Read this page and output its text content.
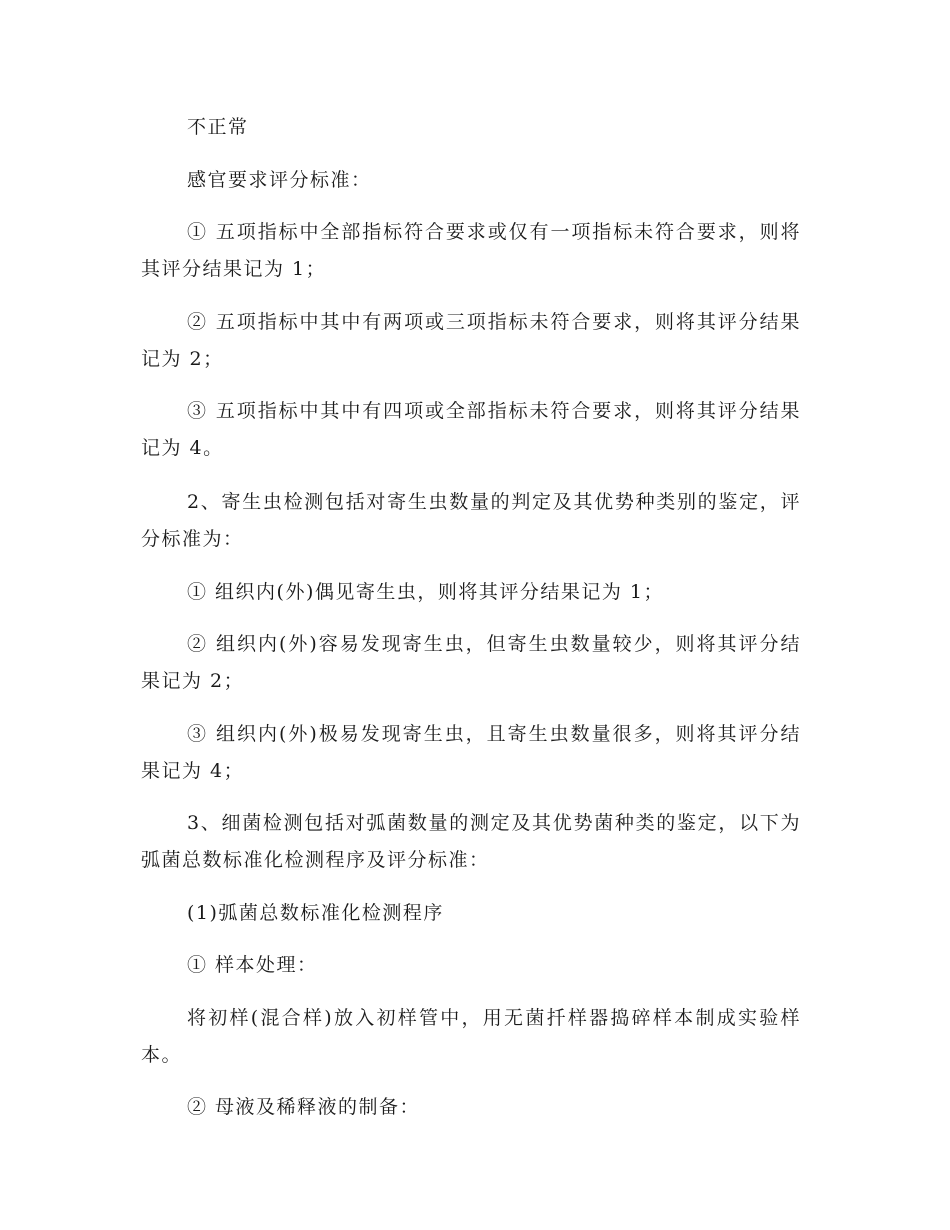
不正常

感官要求评分标准：

① 五项指标中全部指标符合要求或仅有一项指标未符合要求，则将其评分结果记为 1；

② 五项指标中其中有两项或三项指标未符合要求，则将其评分结果记为 2；

③ 五项指标中其中有四项或全部指标未符合要求，则将其评分结果记为 4。

2、寄生虫检测包括对寄生虫数量的判定及其优势种类别的鉴定，评分标准为：

① 组织内(外)偶见寄生虫，则将其评分结果记为 1；

② 组织内(外)容易发现寄生虫，但寄生虫数量较少，则将其评分结果记为 2；

③ 组织内(外)极易发现寄生虫，且寄生虫数量很多，则将其评分结果记为 4；

3、细菌检测包括对弧菌数量的测定及其优势菌种类的鉴定，以下为弧菌总数标准化检测程序及评分标准：

(1)弧菌总数标准化检测程序

① 样本处理：

将初样(混合样)放入初样管中，用无菌扦样器捣碎样本制成实验样本。

② 母液及稀释液的制备：
